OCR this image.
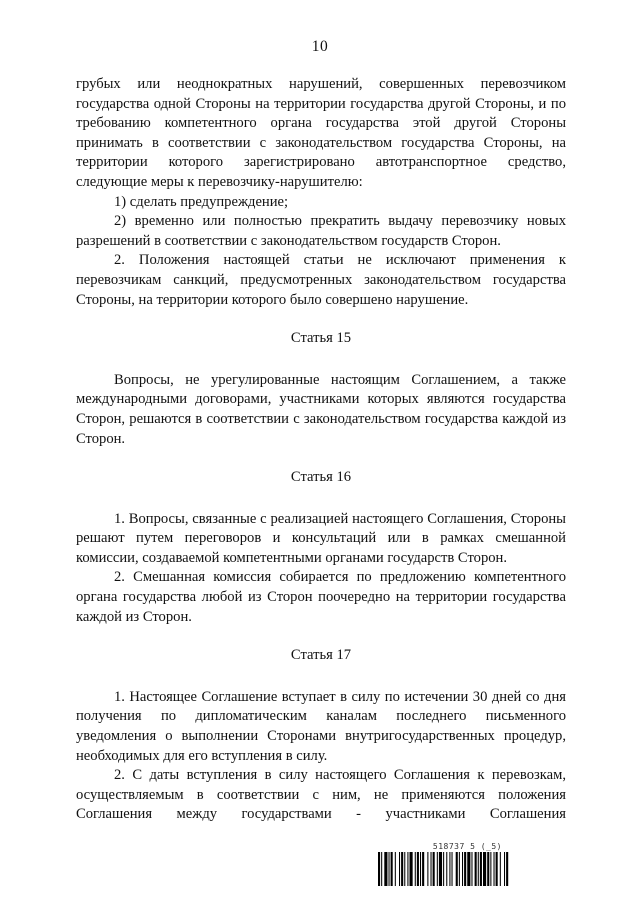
10

грубых или неоднократных нарушений, совершенных перевозчиком государства одной Стороны на территории государства другой Стороны, и по требованию компетентного органа государства этой другой Стороны принимать в соответствии с законодательством государства Стороны, на территории которого зарегистрировано автотранспортное средство, следующие меры к перевозчику-нарушителю:

1) сделать предупреждение;

2) временно или полностью прекратить выдачу перевозчику новых разрешений в соответствии с законодательством государств Сторон.

2. Положения настоящей статьи не исключают применения к перевозчикам санкций, предусмотренных законодательством государства Стороны, на территории которого было совершено нарушение.

Статья 15

Вопросы, не урегулированные настоящим Соглашением, а также международными договорами, участниками которых являются государства Сторон, решаются в соответствии с законодательством государства каждой из Сторон.

Статья 16

1. Вопросы, связанные с реализацией настоящего Соглашения, Стороны решают путем переговоров и консультаций или в рамках смешанной комиссии, создаваемой компетентными органами государств Сторон.

2. Смешанная комиссия собирается по предложению компетентного органа государства любой из Сторон поочередно на территории государства каждой из Сторон.

Статья 17

1. Настоящее Соглашение вступает в силу по истечении 30 дней со дня получения по дипломатическим каналам последнего письменного уведомления о выполнении Сторонами внутригосударственных процедур, необходимых для его вступления в силу.

2. С даты вступления в силу настоящего Соглашения к перевозкам, осуществляемым в соответствии с ним, не применяются положения Соглашения между государствами - участниками Соглашения

518737 5 (_5)
